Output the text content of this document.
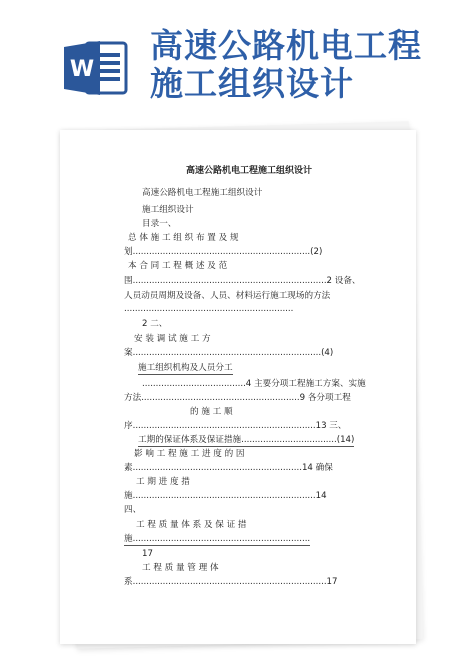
W
高速公路机电工程
施工组织设计
高速公路机电工程施工组织设计
高速公路机电工程施工组织设计
施工组织设计
目录一、
总 体 施 工 组 织 布 置 及 规
划.................................................................(2)
本 合 同 工 程 概 述 及 范
围.......................................................................2 设备、
人员动员周期及设备、人员、材料运行施工现场的方法
..............................................................
2 二、
安 装 调 试 施 工 方
案.....................................................................(4)
施工组织机构及人员分工
......................................4 主要分项工程施工方案、实施
方法..........................................................9 各分项工程
的 施 工 顺
序...................................................................13 三、
工期的保证体系及保证措施...................................(14)
影 响 工 程 施 工 进 度 的 因
素..............................................................14 确保
工 期 进 度 措
施...................................................................14
四、
工 程 质 量 体 系 及 保 证 措
施.................................................................
17
工 程 质 量 管 理 体
系.......................................................................17
